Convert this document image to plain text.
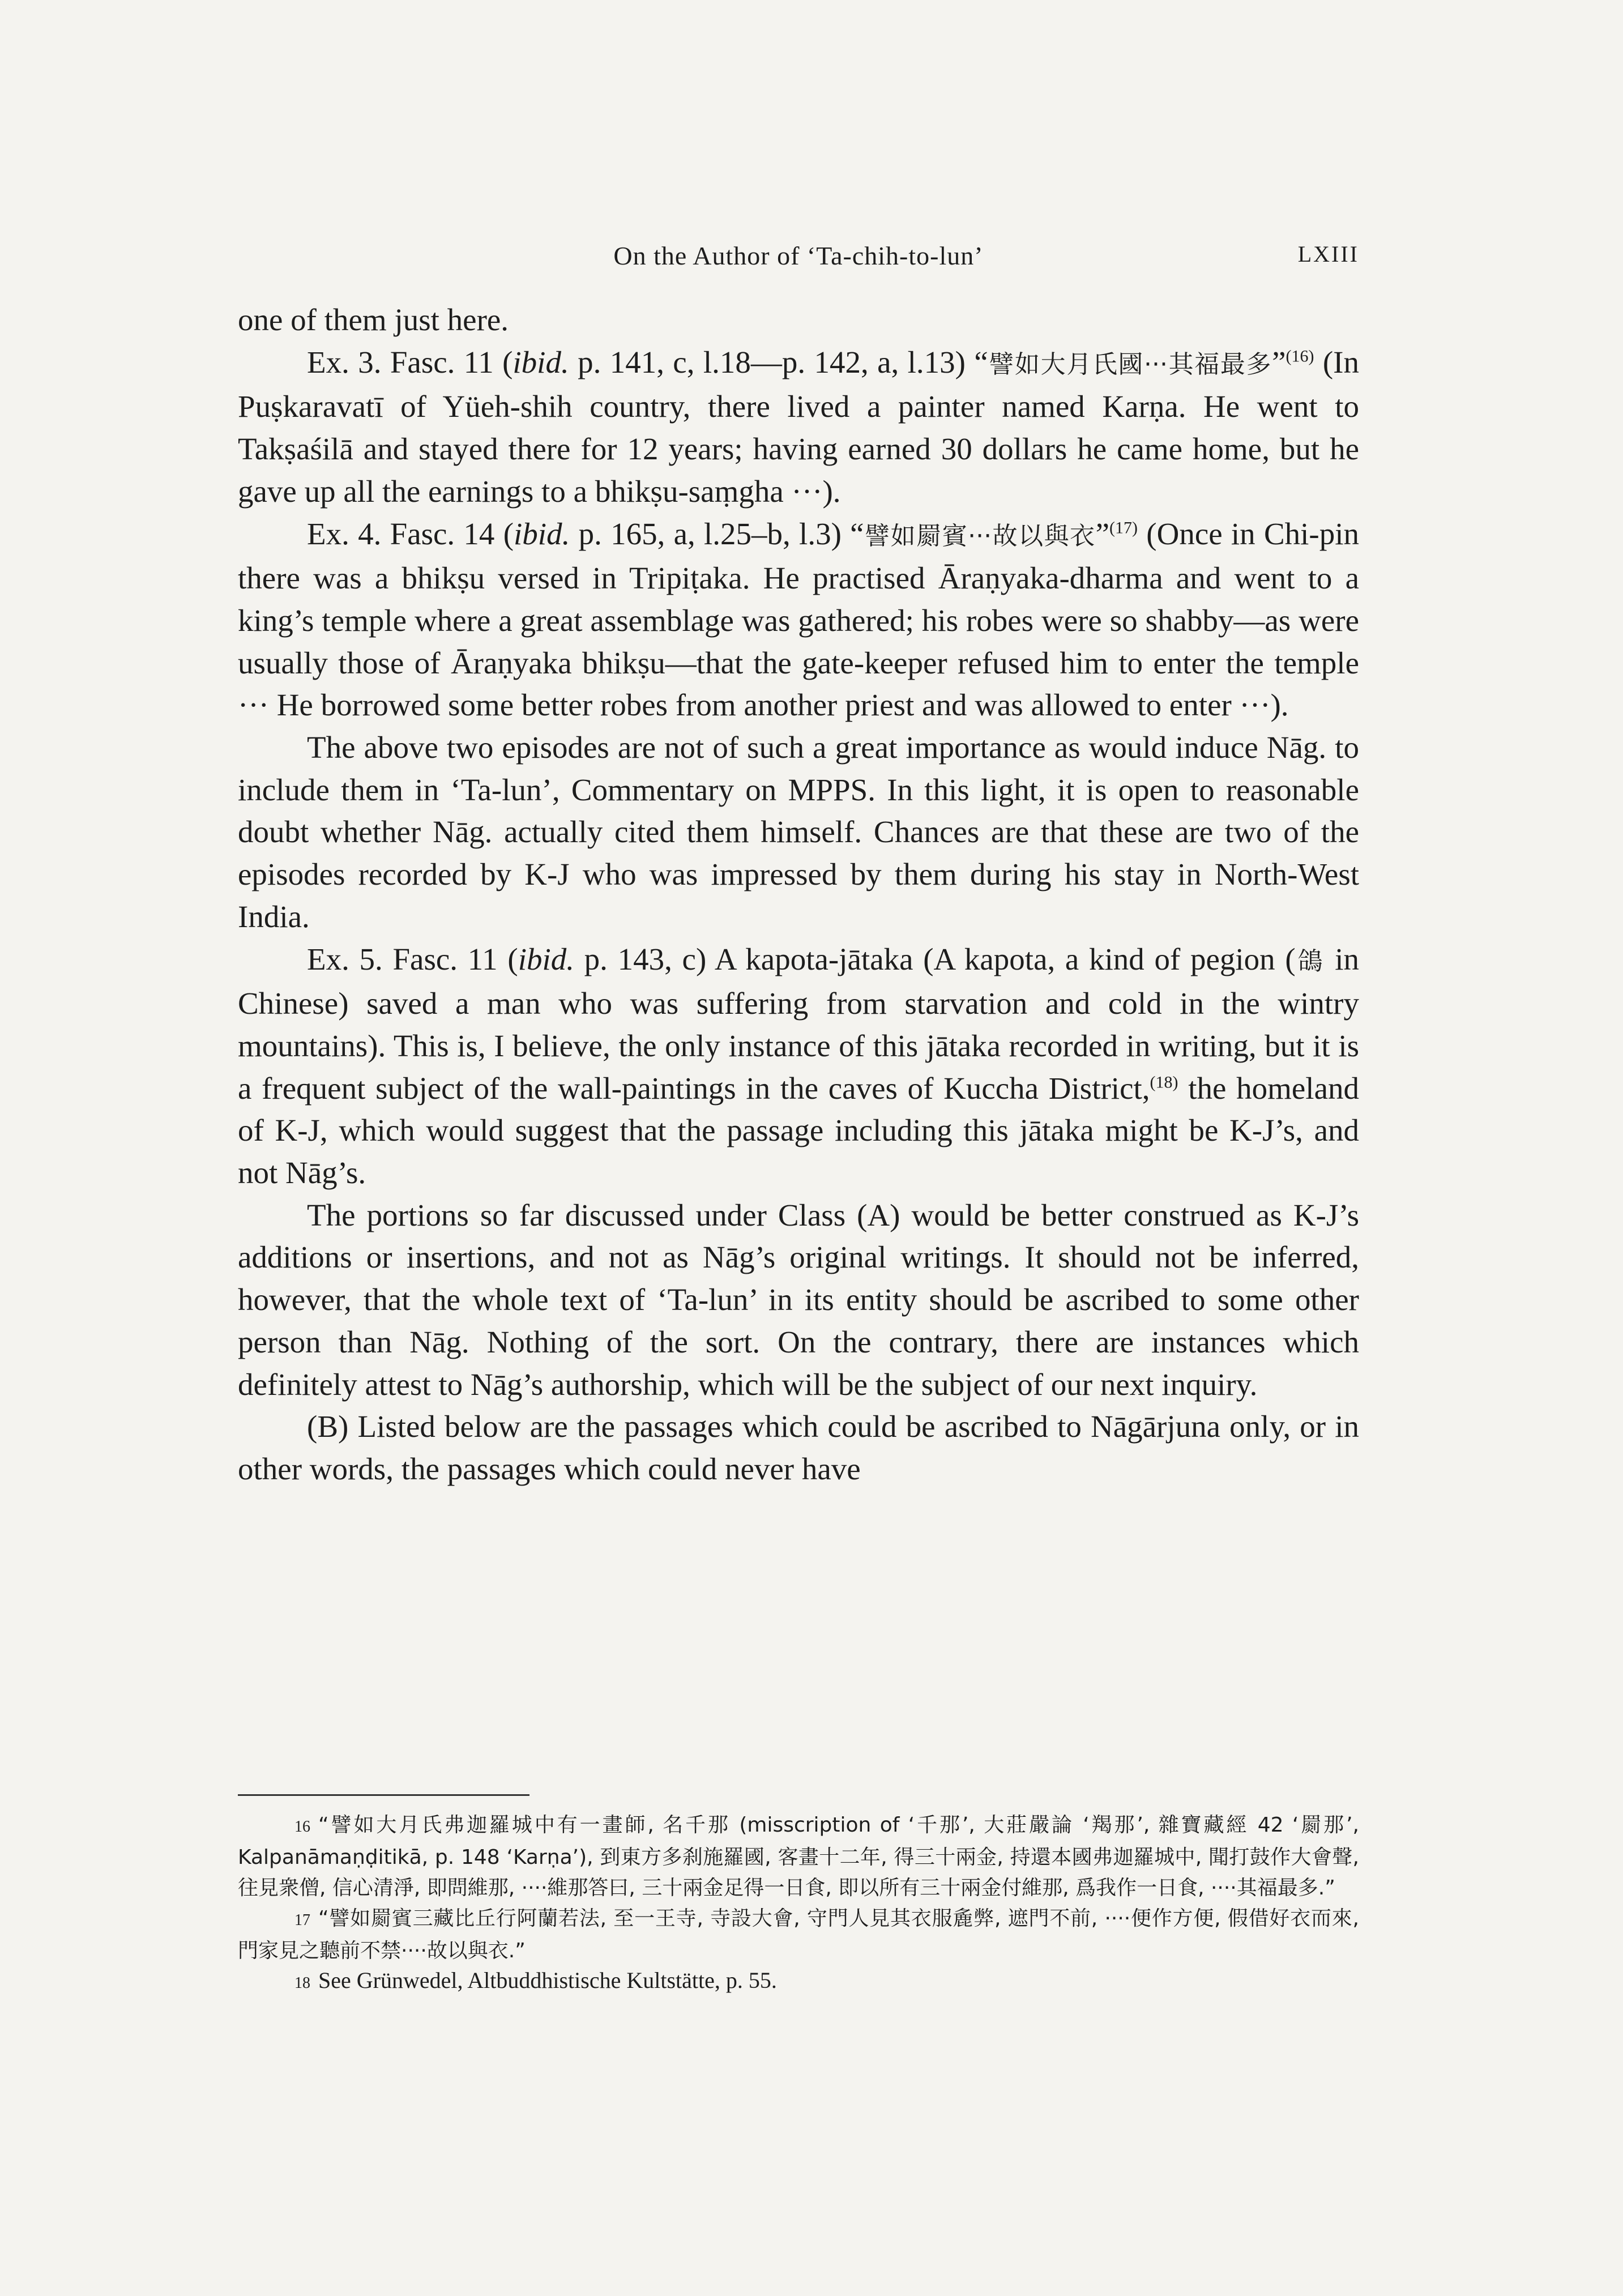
On the Author of ‘Ta-chih-to-lun’	LXIII

one of them just here.

Ex. 3. Fasc. 11 (ibid. p. 141, c, l.18—p. 142, a, l.13) “譬如大月氏國···其福最多”$^{(16)}$ (In Puṣkaravatī of Yüeh-shih country, there lived a painter named Karṇa. He went to Takṣaśilā and stayed there for 12 years; having earned 30 dollars he came home, but he gave up all the earnings to a bhikṣu-saṃgha ···).

Ex. 4. Fasc. 14 (ibid. p. 165, a, l.25–b, l.3) “譬如罽賓···故以與衣”$^{(17)}$ (Once in Chi-pin there was a bhikṣu versed in Tripiṭaka. He practised Āraṇyaka-dharma and went to a king’s temple where a great assemblage was gathered; his robes were so shabby—as were usually those of Āraṇyaka bhikṣu—that the gate-keeper refused him to enter the temple ··· He borrowed some better robes from another priest and was allowed to enter ···).

The above two episodes are not of such a great importance as would induce Nāg. to include them in ‘Ta-lun’, Commentary on MPPS. In this light, it is open to reasonable doubt whether Nāg. actually cited them himself. Chances are that these are two of the episodes recorded by K-J who was impressed by them during his stay in North-West India.

Ex. 5. Fasc. 11 (ibid. p. 143, c) A kapota-jātaka (A kapota, a kind of pegion (鴿 in Chinese) saved a man who was suffering from starvation and cold in the wintry mountains). This is, I believe, the only instance of this jātaka recorded in writing, but it is a frequent subject of the wall-paintings in the caves of Kuccha District,$^{(18)}$ the homeland of K-J, which would suggest that the passage including this jātaka might be K-J’s, and not Nāg’s.

The portions so far discussed under Class (A) would be better construed as K-J’s additions or insertions, and not as Nāg’s original writings. It should not be inferred, however, that the whole text of ‘Ta-lun’ in its entity should be ascribed to some other person than Nāg. Nothing of the sort. On the contrary, there are instances which definitely attest to Nāg’s authorship, which will be the subject of our next inquiry.

(B) Listed below are the passages which could be ascribed to Nāgārjuna only, or in other words, the passages which could never have

16 “譬如大月氏弗迦羅城中有一畫師, 名千那 (misscription of ‘千那’, 大莊嚴論 ‘羯那’, 雜寶藏經 42 ‘罽那’, Kalpanāmaṇḍitikā, p. 148 ‘Karṇa’), 到東方多刹施羅國, 客畫十二年, 得三十兩金, 持還本國弗迦羅城中, 聞打鼓作大會聲, 往見衆僧, 信心清淨, 即問維那, ····維那答曰, 三十兩金足得一日食, 即以所有三十兩金付維那, 爲我作一日食, ····其福最多.”

17 “譬如罽賓三藏比丘行阿蘭若法, 至一王寺, 寺設大會, 守門人見其衣服麁弊, 遮門不前, ····便作方便, 假借好衣而來, 門家見之聽前不禁····故以與衣.”

18 See Grünwedel, Altbuddhistische Kultstätte, p. 55.
